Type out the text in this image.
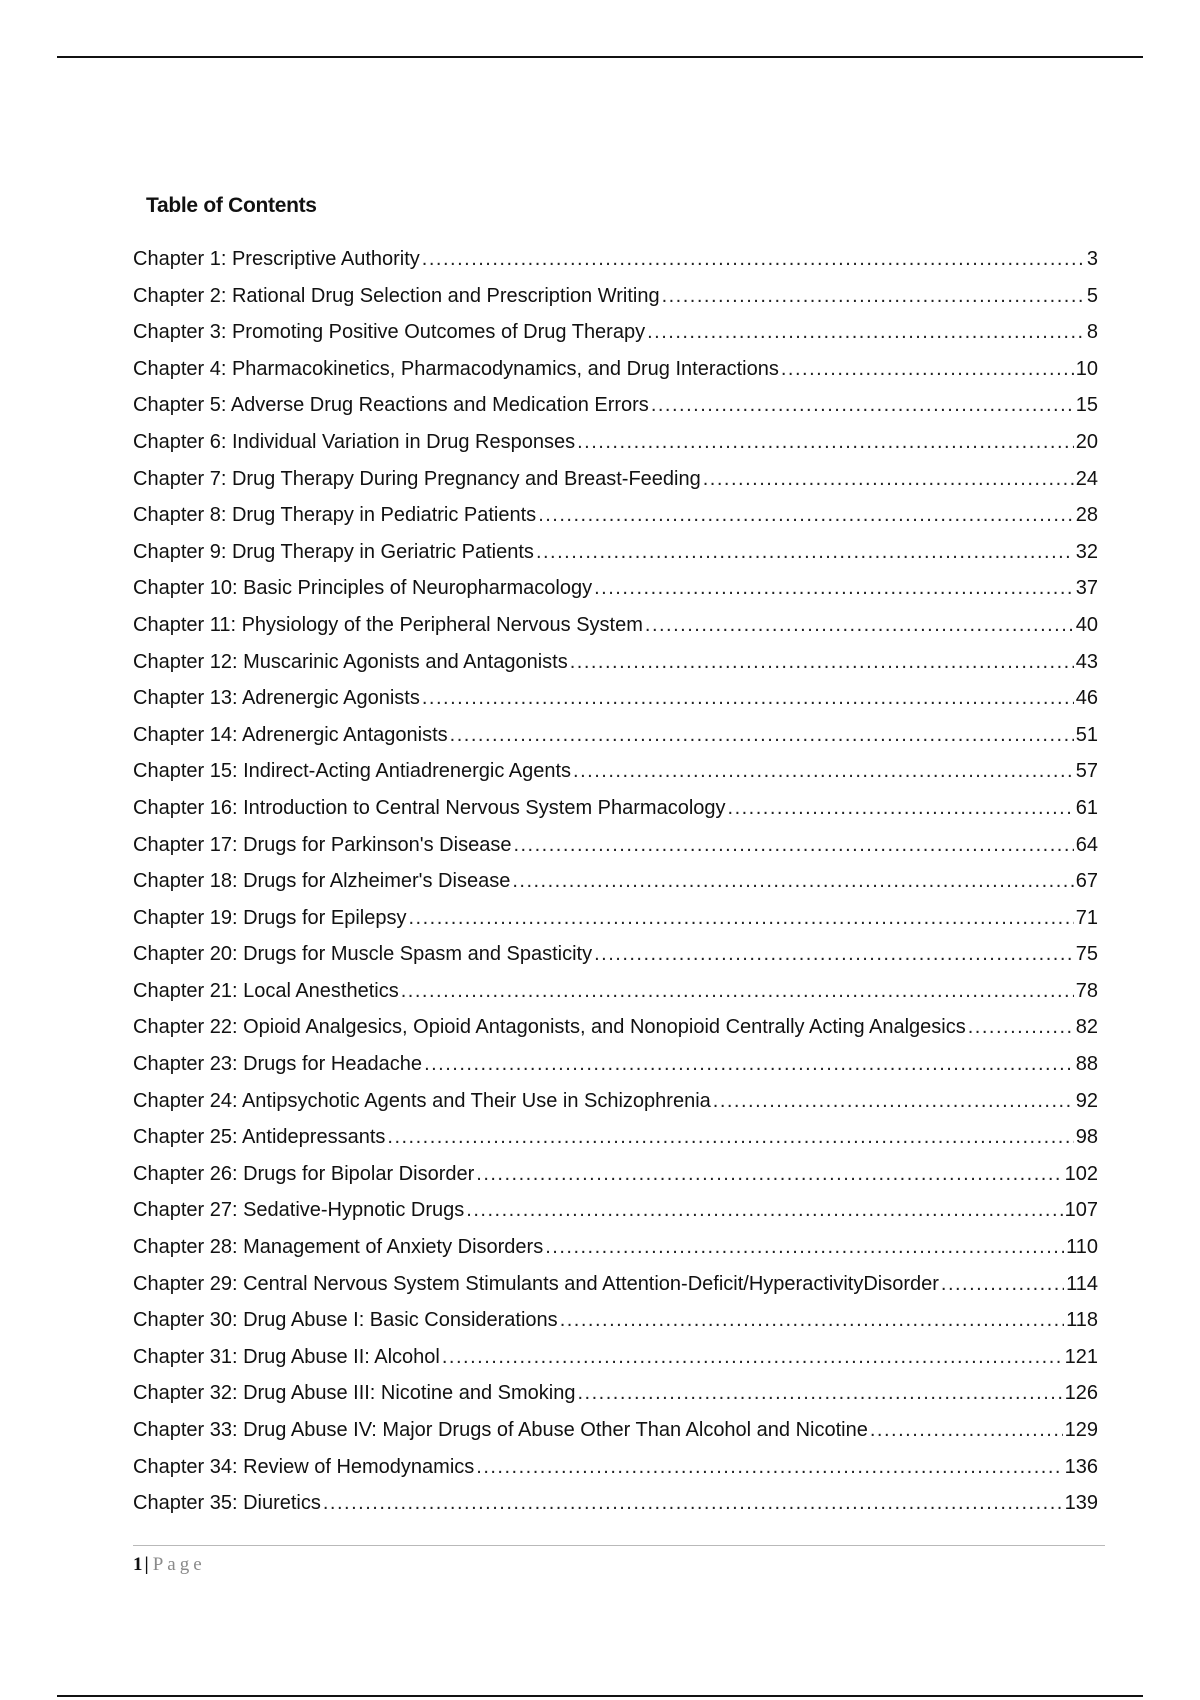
Table of Contents
Chapter 1: Prescriptive Authority .....	3
Chapter 2: Rational Drug Selection and Prescription Writing .....	5
Chapter 3: Promoting Positive Outcomes of Drug Therapy .....	8
Chapter 4: Pharmacokinetics, Pharmacodynamics, and Drug Interactions .....	10
Chapter 5: Adverse Drug Reactions and Medication Errors .....	15
Chapter 6: Individual Variation in Drug Responses .....	20
Chapter 7: Drug Therapy During Pregnancy and Breast-Feeding .....	24
Chapter 8: Drug Therapy in Pediatric Patients .....	28
Chapter 9: Drug Therapy in Geriatric Patients .....	32
Chapter 10: Basic Principles of Neuropharmacology .....	37
Chapter 11: Physiology of the Peripheral Nervous System .....	40
Chapter 12: Muscarinic Agonists and Antagonists .....	43
Chapter 13: Adrenergic Agonists .....	46
Chapter 14: Adrenergic Antagonists .....	51
Chapter 15: Indirect-Acting Antiadrenergic Agents .....	57
Chapter 16: Introduction to Central Nervous System Pharmacology .....	61
Chapter 17: Drugs for Parkinson's Disease .....	64
Chapter 18: Drugs for Alzheimer's Disease .....	67
Chapter 19: Drugs for Epilepsy .....	71
Chapter 20: Drugs for Muscle Spasm and Spasticity .....	75
Chapter 21: Local Anesthetics .....	78
Chapter 22: Opioid Analgesics, Opioid Antagonists, and Nonopioid Centrally Acting Analgesics .....	82
Chapter 23: Drugs for Headache .....	88
Chapter 24: Antipsychotic Agents and Their Use in Schizophrenia .....	92
Chapter 25: Antidepressants .....	98
Chapter 26: Drugs for Bipolar Disorder .....	102
Chapter 27: Sedative-Hypnotic Drugs .....	107
Chapter 28: Management of Anxiety Disorders .....	110
Chapter 29: Central Nervous System Stimulants and Attention-Deficit/HyperactivityDisorder .....	114
Chapter 30: Drug Abuse I: Basic Considerations .....	118
Chapter 31: Drug Abuse II: Alcohol .....	121
Chapter 32: Drug Abuse III: Nicotine and Smoking .....	126
Chapter 33: Drug Abuse IV: Major Drugs of Abuse Other Than Alcohol and Nicotine .....	129
Chapter 34: Review of Hemodynamics .....	136
Chapter 35: Diuretics .....	139
1 | Page
